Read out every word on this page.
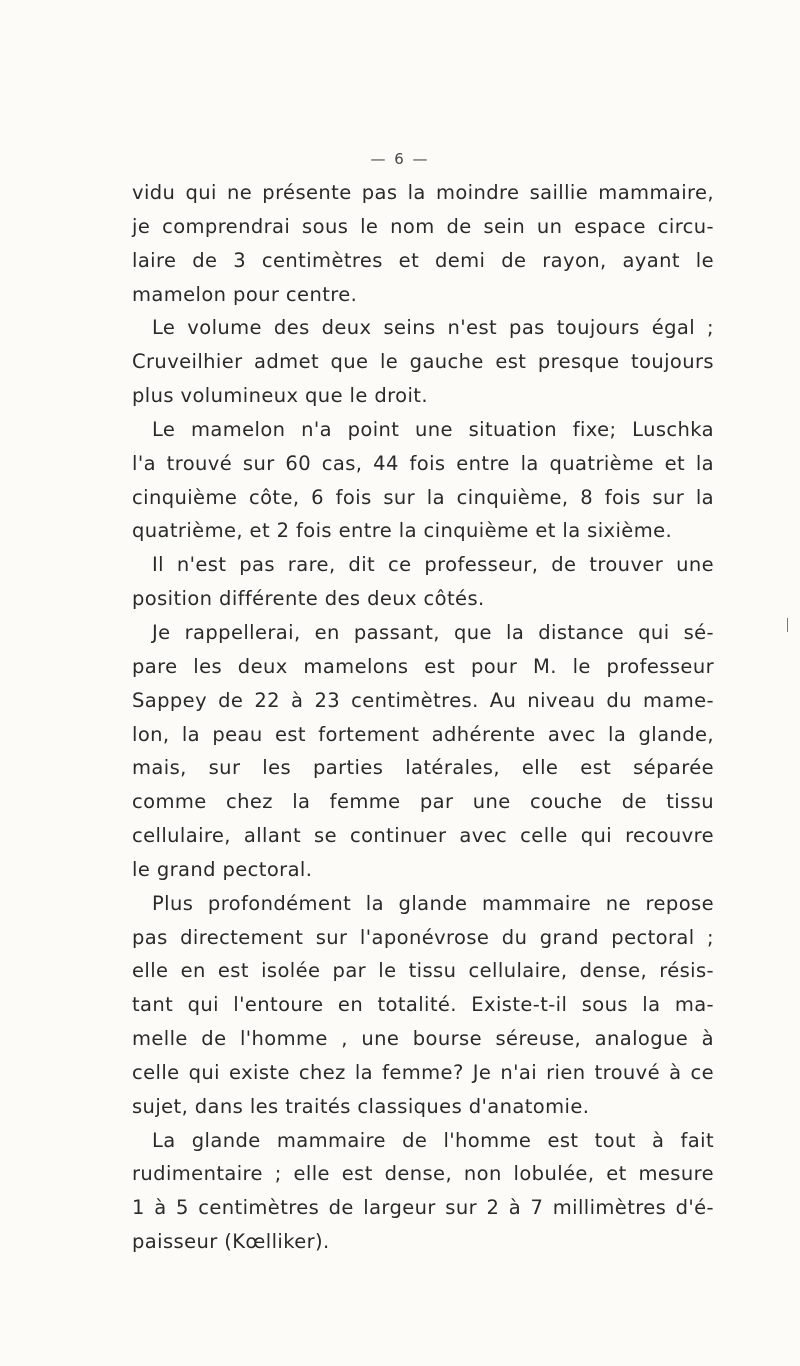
— 6 —
vidu qui ne présente pas la moindre saillie mammaire,
je comprendrai sous le nom de sein un espace circu-
laire de 3 centimètres et demi de rayon, ayant le
mamelon pour centre.
Le volume des deux seins n'est pas toujours égal ;
Cruveilhier admet que le gauche est presque toujours
plus volumineux que le droit.
Le mamelon n'a point une situation fixe; Luschka
l'a trouvé sur 60 cas, 44 fois entre la quatrième et la
cinquième côte, 6 fois sur la cinquième, 8 fois sur la
quatrième, et 2 fois entre la cinquième et la sixième.
Il n'est pas rare, dit ce professeur, de trouver une
position différente des deux côtés.
Je rappellerai, en passant, que la distance qui sé-
pare les deux mamelons est pour M. le professeur
Sappey de 22 à 23 centimètres. Au niveau du mame-
lon, la peau est fortement adhérente avec la glande,
mais, sur les parties latérales, elle est séparée
comme chez la femme par une couche de tissu
cellulaire, allant se continuer avec celle qui recouvre
le grand pectoral.
Plus profondément la glande mammaire ne repose
pas directement sur l'aponévrose du grand pectoral ;
elle en est isolée par le tissu cellulaire, dense, résis-
tant qui l'entoure en totalité. Existe-t-il sous la ma-
melle de l'homme , une bourse séreuse, analogue à
celle qui existe chez la femme? Je n'ai rien trouvé à ce
sujet, dans les traités classiques d'anatomie.
La glande mammaire de l'homme est tout à fait
rudimentaire ; elle est dense, non lobulée, et mesure
1 à 5 centimètres de largeur sur 2 à 7 millimètres d'é-
paisseur (Kœlliker).
